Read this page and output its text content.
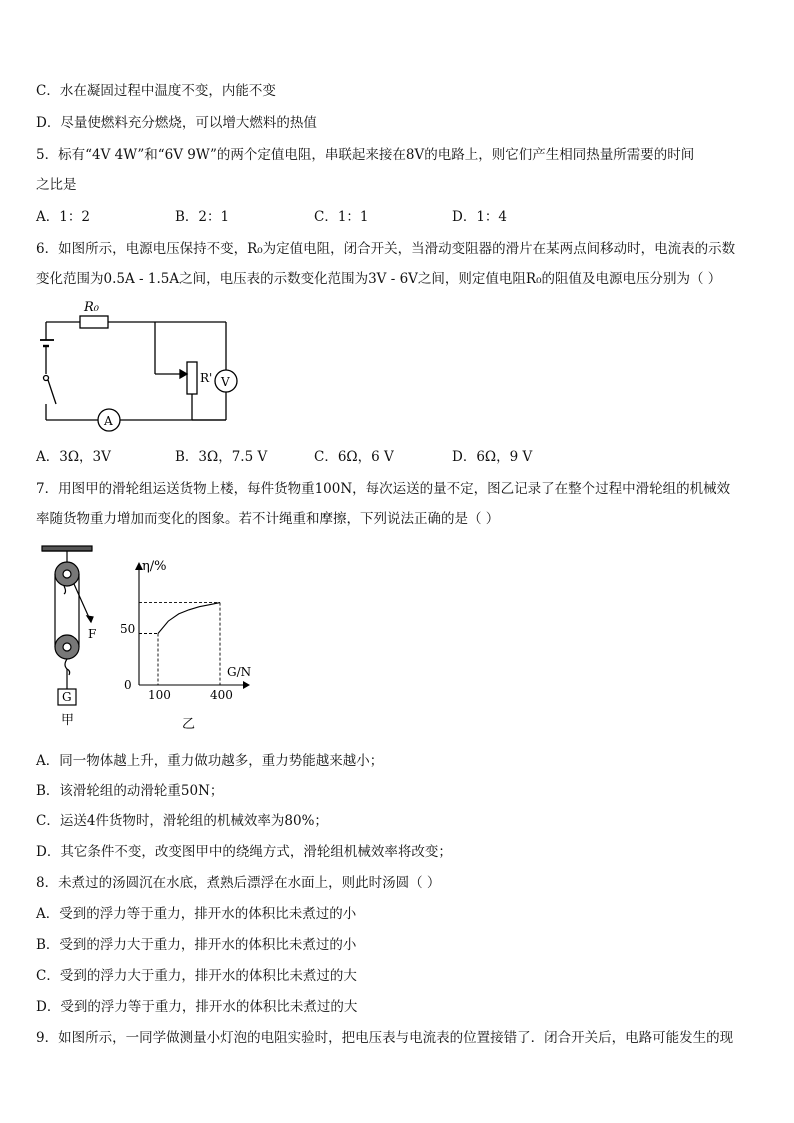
C．水在凝固过程中温度不变，内能不变
D．尽量使燃料充分燃烧，可以增大燃料的热值
5．标有“4V 4W”和“6V 9W”的两个定值电阻，串联起来接在8V的电路上，则它们产生相同热量所需要的时间
之比是
A．1：2	B．2：1	C．1：1	D．1：4
6．如图所示，电源电压保持不变，R₀为定值电阻，闭合开关，当滑动变阻器的滑片在某两点间移动时，电流表的示数
变化范围为0.5A - 1.5A之间，电压表的示数变化范围为3V - 6V之间，则定值电阻R₀的阻值及电源电压分别为（ ）
R₀
R' V
A
A．3Ω，3V	B．3Ω，7.5 V	C．6Ω，6 V	D．6Ω，9 V
7．用图甲的滑轮组运送货物上楼，每件货物重100N，每次运送的量不定，图乙记录了在整个过程中滑轮组的机械效
率随货物重力增加而变化的图象。若不计绳重和摩擦，下列说法正确的是（ ）
F
G
甲
η/%
G/N
0
50
100	400
乙
A．同一物体越上升，重力做功越多，重力势能越来越小；
B．该滑轮组的动滑轮重50N；
C．运送4件货物时，滑轮组的机械效率为80%；
D．其它条件不变，改变图甲中的绕绳方式，滑轮组机械效率将改变；
8．未煮过的汤圆沉在水底，煮熟后漂浮在水面上，则此时汤圆（ ）
A．受到的浮力等于重力，排开水的体积比未煮过的小
B．受到的浮力大于重力，排开水的体积比未煮过的小
C．受到的浮力大于重力，排开水的体积比未煮过的大
D．受到的浮力等于重力，排开水的体积比未煮过的大
9．如图所示，一同学做测量小灯泡的电阻实验时，把电压表与电流表的位置接错了．闭合开关后，电路可能发生的现
